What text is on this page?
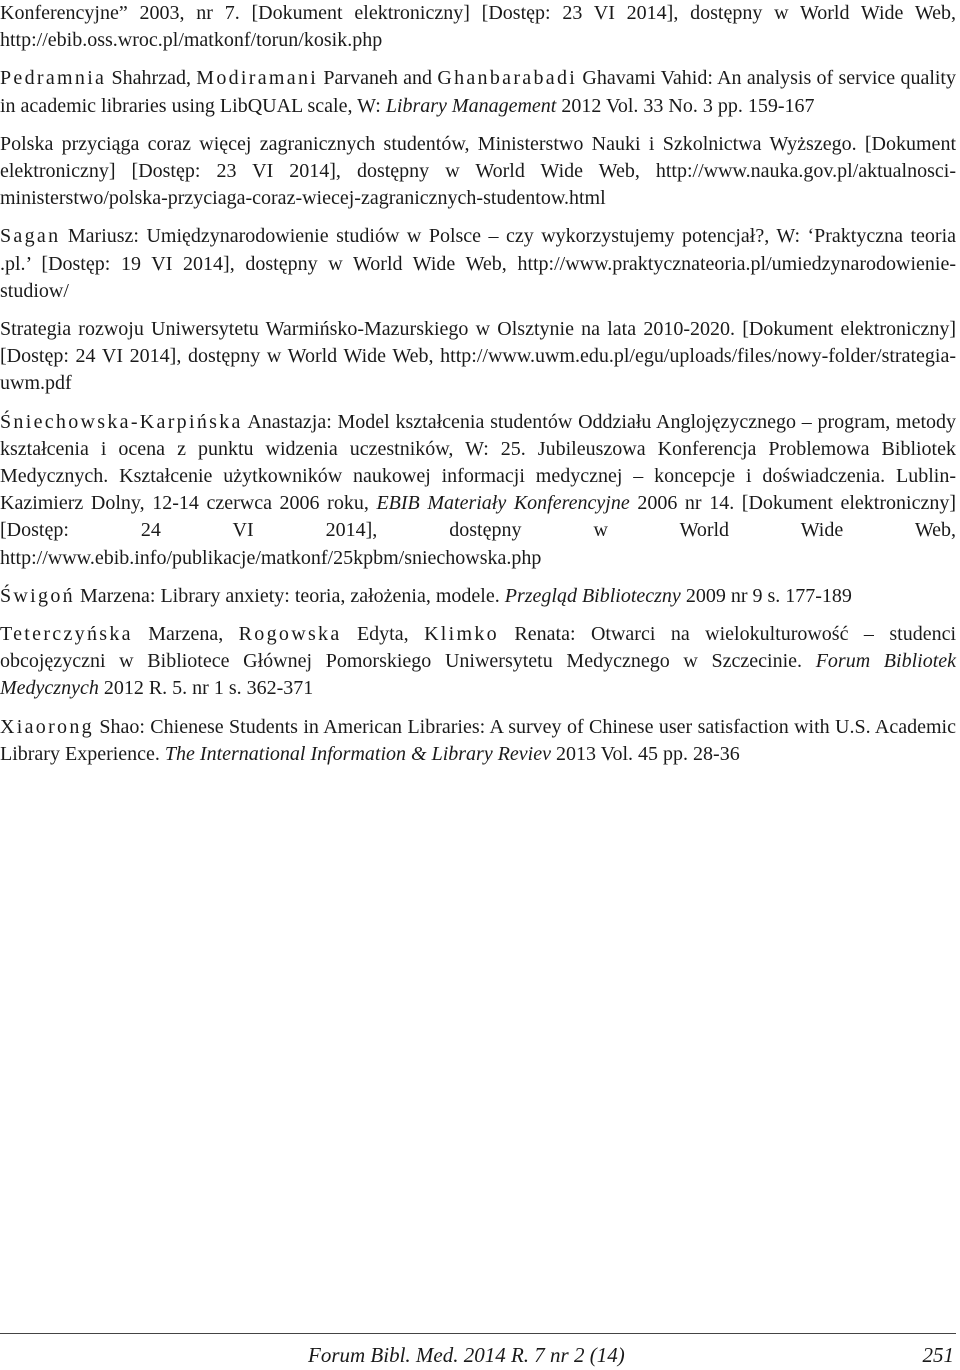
Konferencyjne” 2003, nr 7. [Dokument elektroniczny] [Dostęp: 23 VI 2014], dostępny w World Wide Web, http://ebib.oss.wroc.pl/matkonf/torun/kosik.php

Pedramnia Shahrzad, Modiramani Parvaneh and Ghanbarabadi Ghavami Vahid: An analysis of service quality in academic libraries using LibQUAL scale, W: Library Management 2012 Vol. 33 No. 3 pp. 159-167

Polska przyciąga coraz więcej zagranicznych studentów, Ministerstwo Nauki i Szkolnictwa Wyższego. [Dokument elektroniczny] [Dostęp: 23 VI 2014], dostępny w World Wide Web, http://www.nauka.gov.pl/aktualnosci-ministerstwo/polska-przyciaga-coraz-wiecej-zagranicznych-studentow.html

Sagan Mariusz: Umiędzynarodowienie studiów w Polsce – czy wykorzystujemy potencjał?, W: ‘Praktyczna teoria .pl.’ [Dostęp: 19 VI 2014], dostępny w World Wide Web, http://www.praktycznateoria.pl/umiedzynarodowienie-studiow/

Strategia rozwoju Uniwersytetu Warmińsko-Mazurskiego w Olsztynie na lata 2010-2020. [Dokument elektroniczny] [Dostęp: 24 VI 2014], dostępny w World Wide Web, http://www.uwm.edu.pl/egu/uploads/files/nowy-folder/strategia-uwm.pdf

Śniechowska-Karpińska Anastazja: Model kształcenia studentów Oddziału Anglojęzycznego – program, metody kształcenia i ocena z punktu widzenia uczestników, W: 25. Jubileuszowa Konferencja Problemowa Bibliotek Medycznych. Kształcenie użytkowników naukowej informacji medycznej – koncepcje i doświadczenia. Lublin-Kazimierz Dolny, 12-14 czerwca 2006 roku, EBIB Materiały Konferencyjne 2006 nr 14. [Dokument elektroniczny] [Dostęp: 24 VI 2014], dostępny w World Wide Web, http://www.ebib.info/publikacje/matkonf/25kpbm/sniechowska.php

Świgoń Marzena: Library anxiety: teoria, założenia, modele. Przegląd Biblioteczny 2009 nr 9 s. 177-189

Teterczyńska Marzena, Rogowska Edyta, Klimko Renata: Otwarci na wielokulturowość – studenci obcojęzyczni w Bibliotece Głównej Pomorskiego Uniwersytetu Medycznego w Szczecinie. Forum Bibliotek Medycznych 2012 R. 5. nr 1 s. 362-371

Xiaorong Shao: Chienese Students in American Libraries: A survey of Chinese user satisfaction with U.S. Academic Library Experience. The International Information & Library Reviev 2013 Vol. 45 pp. 28-36

Forum Bibl. Med. 2014 R. 7 nr 2 (14)	251
